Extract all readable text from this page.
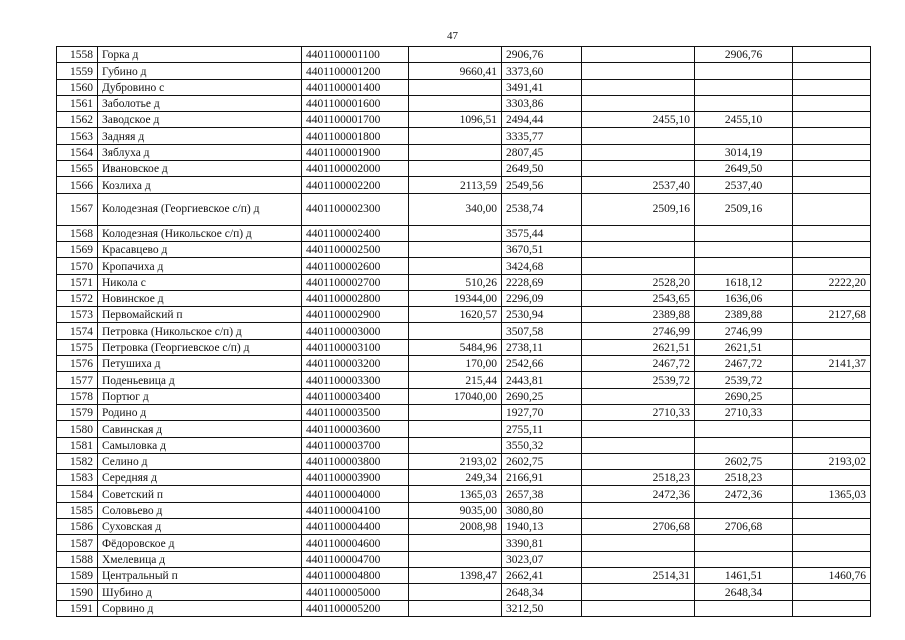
47
1558	Горка д	4401100001100		2906,76		2906,76	
1559	Губино д	4401100001200	9660,41	3373,60			
1560	Дубровино с	4401100001400		3491,41			
1561	Заболотье д	4401100001600		3303,86			
1562	Заводское д	4401100001700	1096,51	2494,44	2455,10	2455,10	
1563	Задняя д	4401100001800		3335,77			
1564	Зяблуха д	4401100001900		2807,45		3014,19	
1565	Ивановское д	4401100002000		2649,50		2649,50	
1566	Козлиха д	4401100002200	2113,59	2549,56	2537,40	2537,40	
1567	Колодезная (Георгиевское с/п) д	4401100002300	340,00	2538,74	2509,16	2509,16	
1568	Колодезная (Никольское с/п) д	4401100002400		3575,44			
1569	Красавцево д	4401100002500		3670,51			
1570	Кропачиха д	4401100002600		3424,68			
1571	Никола с	4401100002700	510,26	2228,69	2528,20	1618,12	2222,20
1572	Новинское д	4401100002800	19344,00	2296,09	2543,65	1636,06	
1573	Первомайский п	4401100002900	1620,57	2530,94	2389,88	2389,88	2127,68
1574	Петровка (Никольское с/п) д	4401100003000		3507,58	2746,99	2746,99	
1575	Петровка (Георгиевское с/п) д	4401100003100	5484,96	2738,11	2621,51	2621,51	
1576	Петушиха д	4401100003200	170,00	2542,66	2467,72	2467,72	2141,37
1577	Поденьевица д	4401100003300	215,44	2443,81	2539,72	2539,72	
1578	Портюг д	4401100003400	17040,00	2690,25		2690,25	
1579	Родино д	4401100003500		1927,70	2710,33	2710,33	
1580	Савинская д	4401100003600		2755,11			
1581	Самыловка д	4401100003700		3550,32			
1582	Селино д	4401100003800	2193,02	2602,75		2602,75	2193,02
1583	Середняя д	4401100003900	249,34	2166,91	2518,23	2518,23	
1584	Советский п	4401100004000	1365,03	2657,38	2472,36	2472,36	1365,03
1585	Соловьево д	4401100004100	9035,00	3080,80			
1586	Суховская д	4401100004400	2008,98	1940,13	2706,68	2706,68	
1587	Фёдоровское д	4401100004600		3390,81			
1588	Хмелевица д	4401100004700		3023,07			
1589	Центральный п	4401100004800	1398,47	2662,41	2514,31	1461,51	1460,76
1590	Шубино д	4401100005000		2648,34		2648,34	
1591	Сорвино д	4401100005200		3212,50			
